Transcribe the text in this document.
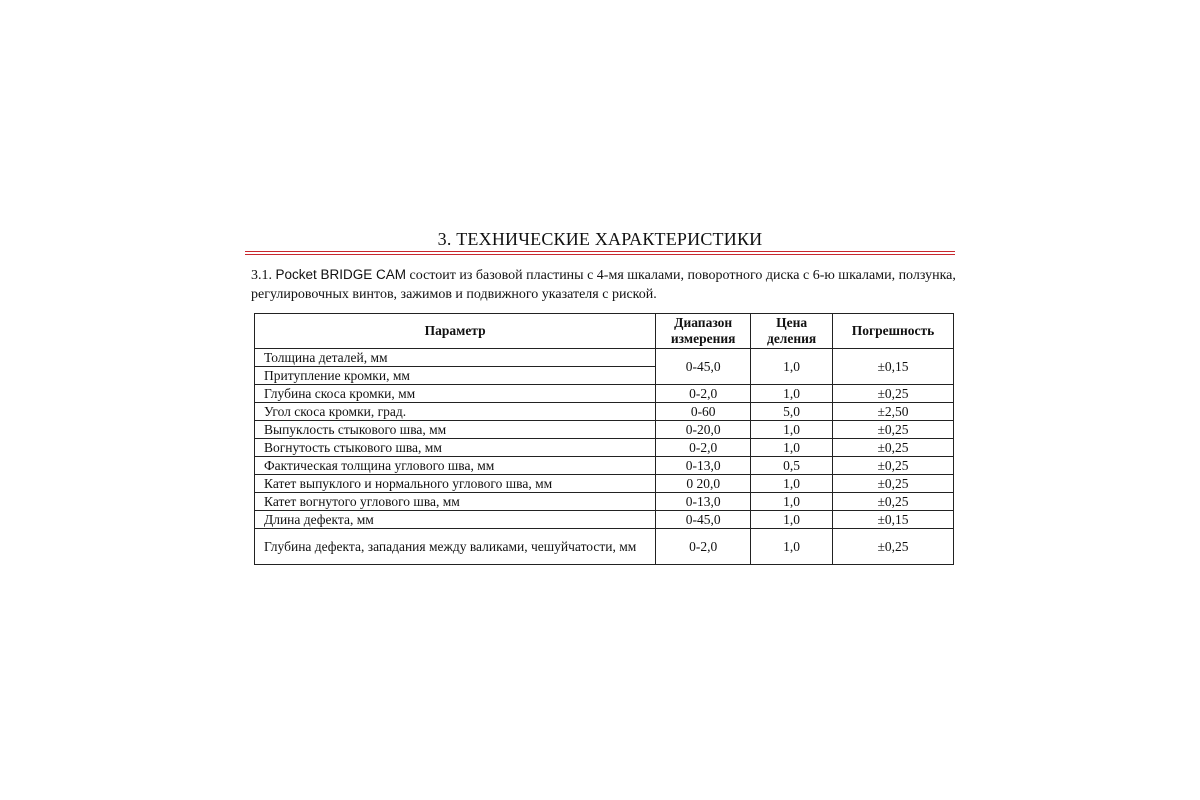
3. ТЕХНИЧЕСКИЕ ХАРАКТЕРИСТИКИ

3.1. Pocket BRIDGE CAM состоит из базовой пластины с 4-мя шкалами, поворотного диска с 6-ю шкалами, ползунка, регулировочных винтов, зажимов и подвижного указателя с риской.

Параметр	Диапазон измерения	Цена деления	Погрешность
Толщина деталей, мм	0-45,0	1,0	±0,15
Притупление кромки, мм			
Глубина скоса кромки, мм	0-2,0	1,0	±0,25
Угол скоса кромки, град.	0-60	5,0	±2,50
Выпуклость стыкового шва, мм	0-20,0	1,0	±0,25
Вогнутость стыкового шва, мм	0-2,0	1,0	±0,25
Фактическая толщина углового шва, мм	0-13,0	0,5	±0,25
Катет выпуклого и нормального углового шва, мм	0 20,0	1,0	±0,25
Катет вогнутого углового шва, мм	0-13,0	1,0	±0,25
Длина дефекта, мм	0-45,0	1,0	±0,15
Глубина дефекта, западания между валиками, чешуйчатости, мм	0-2,0	1,0	±0,25
